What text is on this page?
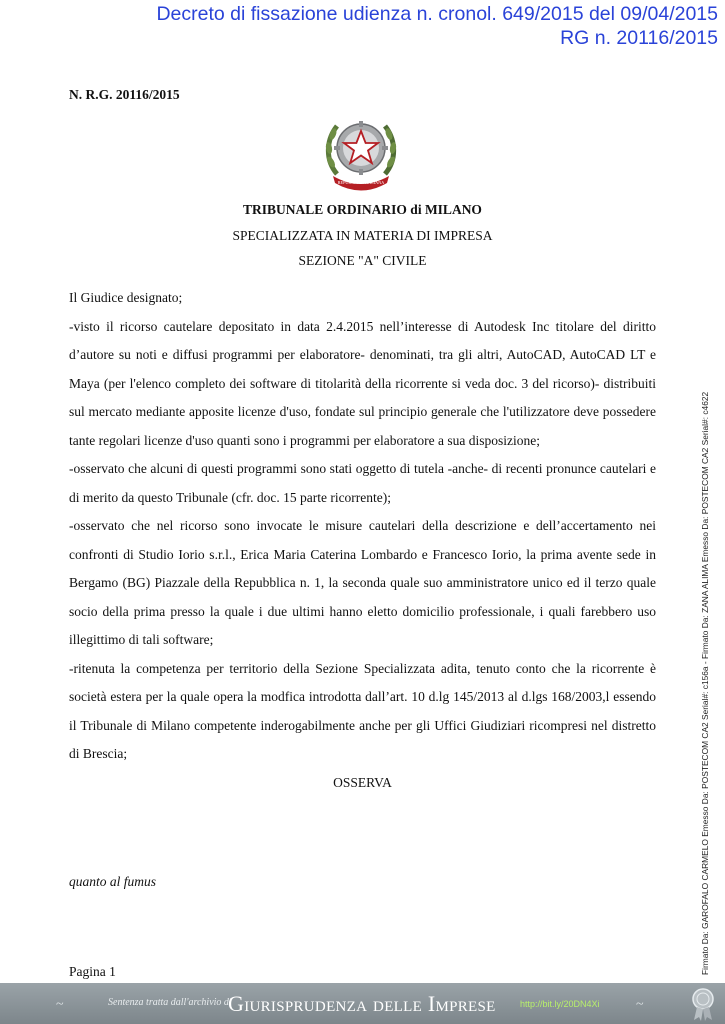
Decreto di fissazione udienza n. cronol. 649/2015 del 09/04/2015
RG n. 20116/2015
N. R.G. 20116/2015
REPUBBLICA ITALIANA
TRIBUNALE ORDINARIO di MILANO
SPECIALIZZATA IN MATERIA DI IMPRESA
SEZIONE "A" CIVILE

Il Giudice designato;

-visto il ricorso cautelare depositato in data 2.4.2015 nell’interesse di Autodesk Inc titolare del diritto d’autore su noti e diffusi programmi per elaboratore- denominati, tra gli altri, AutoCAD, AutoCAD LT e Maya (per l'elenco completo dei software di titolarità della ricorrente si veda doc. 3 del ricorso)- distribuiti sul mercato mediante apposite licenze d'uso, fondate sul principio generale che l'utilizzatore deve possedere tante regolari licenze d'uso quanti sono i programmi per elaboratore a sua disposizione;

-osservato che alcuni di questi programmi sono stati oggetto di tutela -anche- di recenti pronunce cautelari e di merito da questo Tribunale (cfr. doc. 15 parte ricorrente);

-osservato che nel ricorso sono invocate le misure cautelari della descrizione e dell’accertamento nei confronti di Studio Iorio s.r.l., Erica Maria Caterina Lombardo e Francesco Iorio, la prima avente sede in Bergamo (BG) Piazzale della Repubblica n. 1, la seconda quale suo amministratore unico ed il terzo quale socio della prima presso la quale i due ultimi hanno eletto domicilio professionale, i quali farebbero uso illegittimo di tali software;

-ritenuta la competenza per territorio della Sezione Specializzata adita, tenuto conto che la ricorrente è società estera per la quale opera la modfica introdotta dall’art. 10 d.lg 145/2013 al d.lgs 168/2003,l essendo il Tribunale di Milano competente inderogabilmente anche per gli Uffici Giudiziari ricompresi nel distretto di Brescia;

OSSERVA

quanto al fumus
Pagina 1	Firmato Da: GAROFALO CARMELO Emesso Da: POSTECOM CA2 Serial#: c156a - Firmato Da: ZANA ALIMA Emesso Da: POSTECOM CA2 Serial#: c4622
~	Sentenza tratta dall'archivio di
Giurisprudenza delle Imprese	http://bit.ly/20DN4Xi	~
